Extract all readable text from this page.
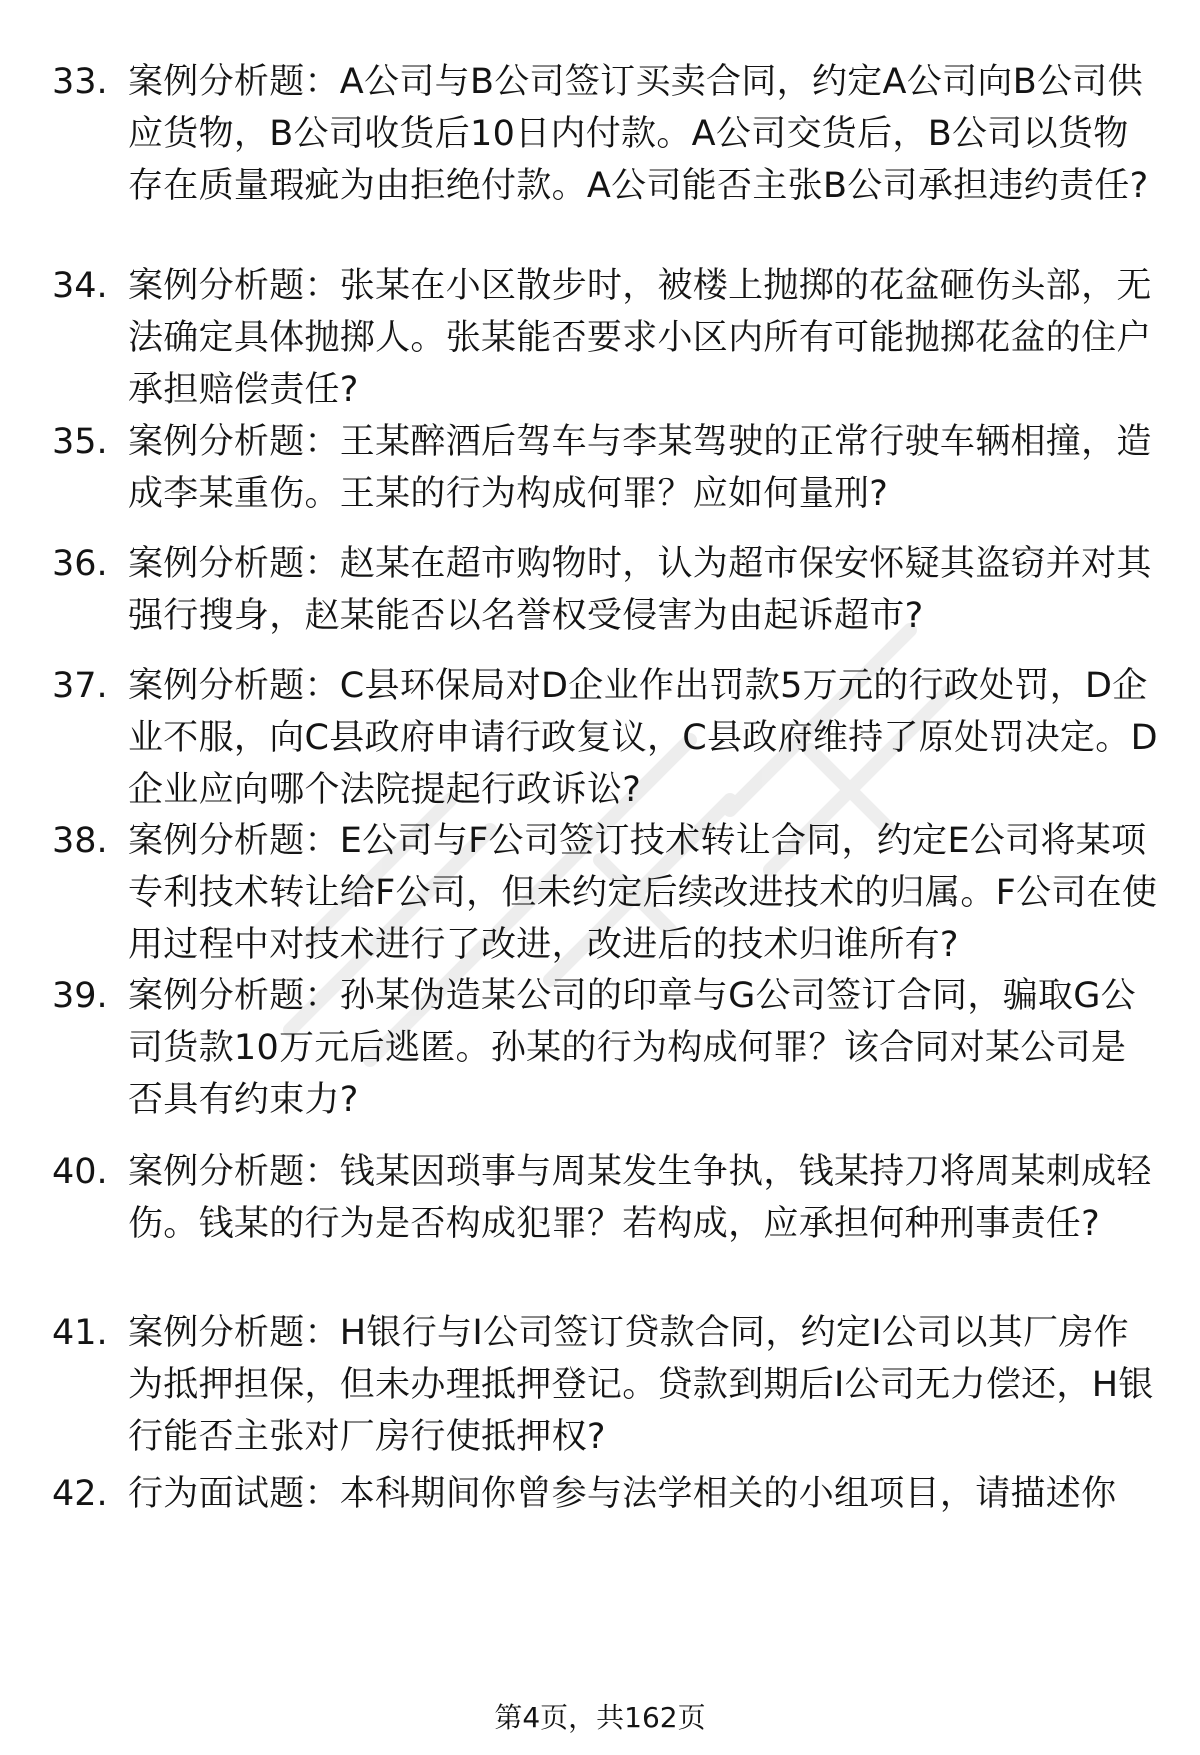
33. 案例分析题：A公司与B公司签订买卖合同，约定A公司向B公司供应货物，B公司收货后10日内付款。A公司交货后，B公司以货物存在质量瑕疵为由拒绝付款。A公司能否主张B公司承担违约责任?
34. 案例分析题：张某在小区散步时，被楼上抛掷的花盆砸伤头部，无法确定具体抛掷人。张某能否要求小区内所有可能抛掷花盆的住户承担赔偿责任?
35. 案例分析题：王某醉酒后驾车与李某驾驶的正常行驶车辆相撞，造成李某重伤。王某的行为构成何罪？应如何量刑?
36. 案例分析题：赵某在超市购物时，认为超市保安怀疑其盗窃并对其强行搜身，赵某能否以名誉权受侵害为由起诉超市?
37. 案例分析题：C县环保局对D企业作出罚款5万元的行政处罚，D企业不服，向C县政府申请行政复议，C县政府维持了原处罚决定。D企业应向哪个法院提起行政诉讼?
38. 案例分析题：E公司与F公司签订技术转让合同，约定E公司将某项专利技术转让给F公司，但未约定后续改进技术的归属。F公司在使用过程中对技术进行了改进，改进后的技术归谁所有?
39. 案例分析题：孙某伪造某公司的印章与G公司签订合同，骗取G公司货款10万元后逃匿。孙某的行为构成何罪？该合同对某公司是否具有约束力?
40. 案例分析题：钱某因琐事与周某发生争执，钱某持刀将周某刺成轻伤。钱某的行为是否构成犯罪？若构成，应承担何种刑事责任?
41. 案例分析题：H银行与I公司签订贷款合同，约定I公司以其厂房作为抵押担保，但未办理抵押登记。贷款到期后I公司无力偿还，H银行能否主张对厂房行使抵押权?
42. 行为面试题：本科期间你曾参与法学相关的小组项目，请描述你
第4页，共162页
